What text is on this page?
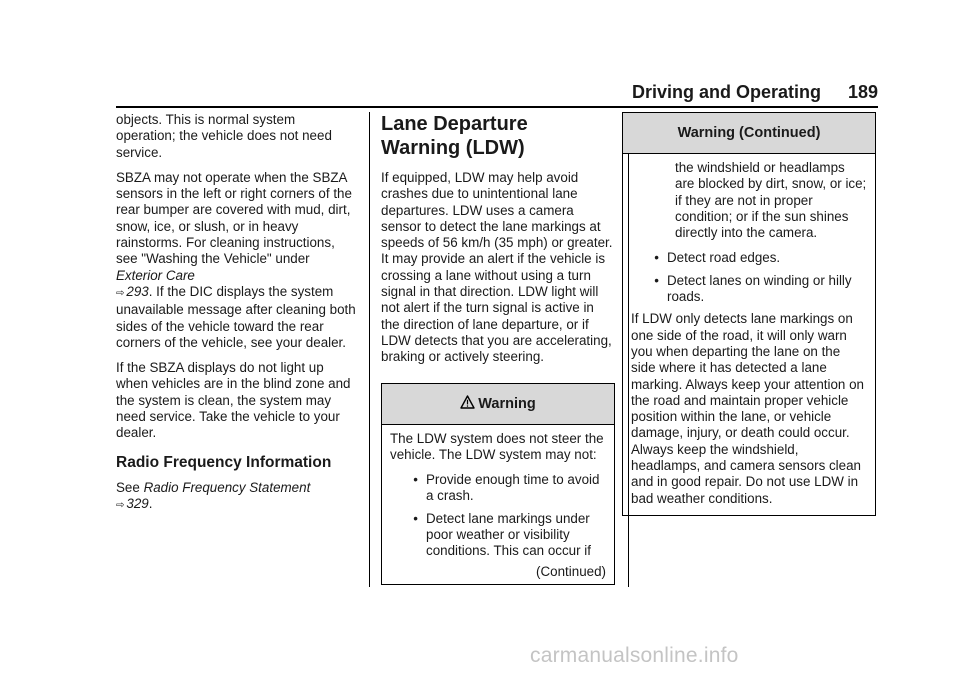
Driving and Operating 189

objects. This is normal system operation; the vehicle does not need service.

SBZA may not operate when the SBZA sensors in the left or right corners of the rear bumper are covered with mud, dirt, snow, ice, or slush, or in heavy rainstorms. For cleaning instructions, see "Washing the Vehicle" under Exterior Care
⇨ 293. If the DIC displays the system unavailable message after cleaning both sides of the vehicle toward the rear corners of the vehicle, see your dealer.

If the SBZA displays do not light up when vehicles are in the blind zone and the system is clean, the system may need service. Take the vehicle to your dealer.

Radio Frequency Information

See Radio Frequency Statement
⇨ 329.

Lane Departure
Warning (LDW)

If equipped, LDW may help avoid crashes due to unintentional lane departures. LDW uses a camera sensor to detect the lane markings at speeds of 56 km/h (35 mph) or greater. It may provide an alert if the vehicle is crossing a lane without using a turn signal in that direction. LDW light will not alert if the turn signal is active in the direction of lane departure, or if LDW detects that you are accelerating, braking or actively steering.

Warning

The LDW system does not steer the vehicle. The LDW system may not:

• Provide enough time to avoid a crash.
• Detect lane markings under poor weather or visibility conditions. This can occur if
(Continued)
Warning (Continued)

the windshield or headlamps are blocked by dirt, snow, or ice; if they are not in proper condition; or if the sun shines directly into the camera.

• Detect road edges.
• Detect lanes on winding or hilly roads.

If LDW only detects lane markings on one side of the road, it will only warn you when departing the lane on the side where it has detected a lane marking. Always keep your attention on the road and maintain proper vehicle position within the lane, or vehicle damage, injury, or death could occur. Always keep the windshield, headlamps, and camera sensors clean and in good repair. Do not use LDW in bad weather conditions.

carmanualsonline.info
